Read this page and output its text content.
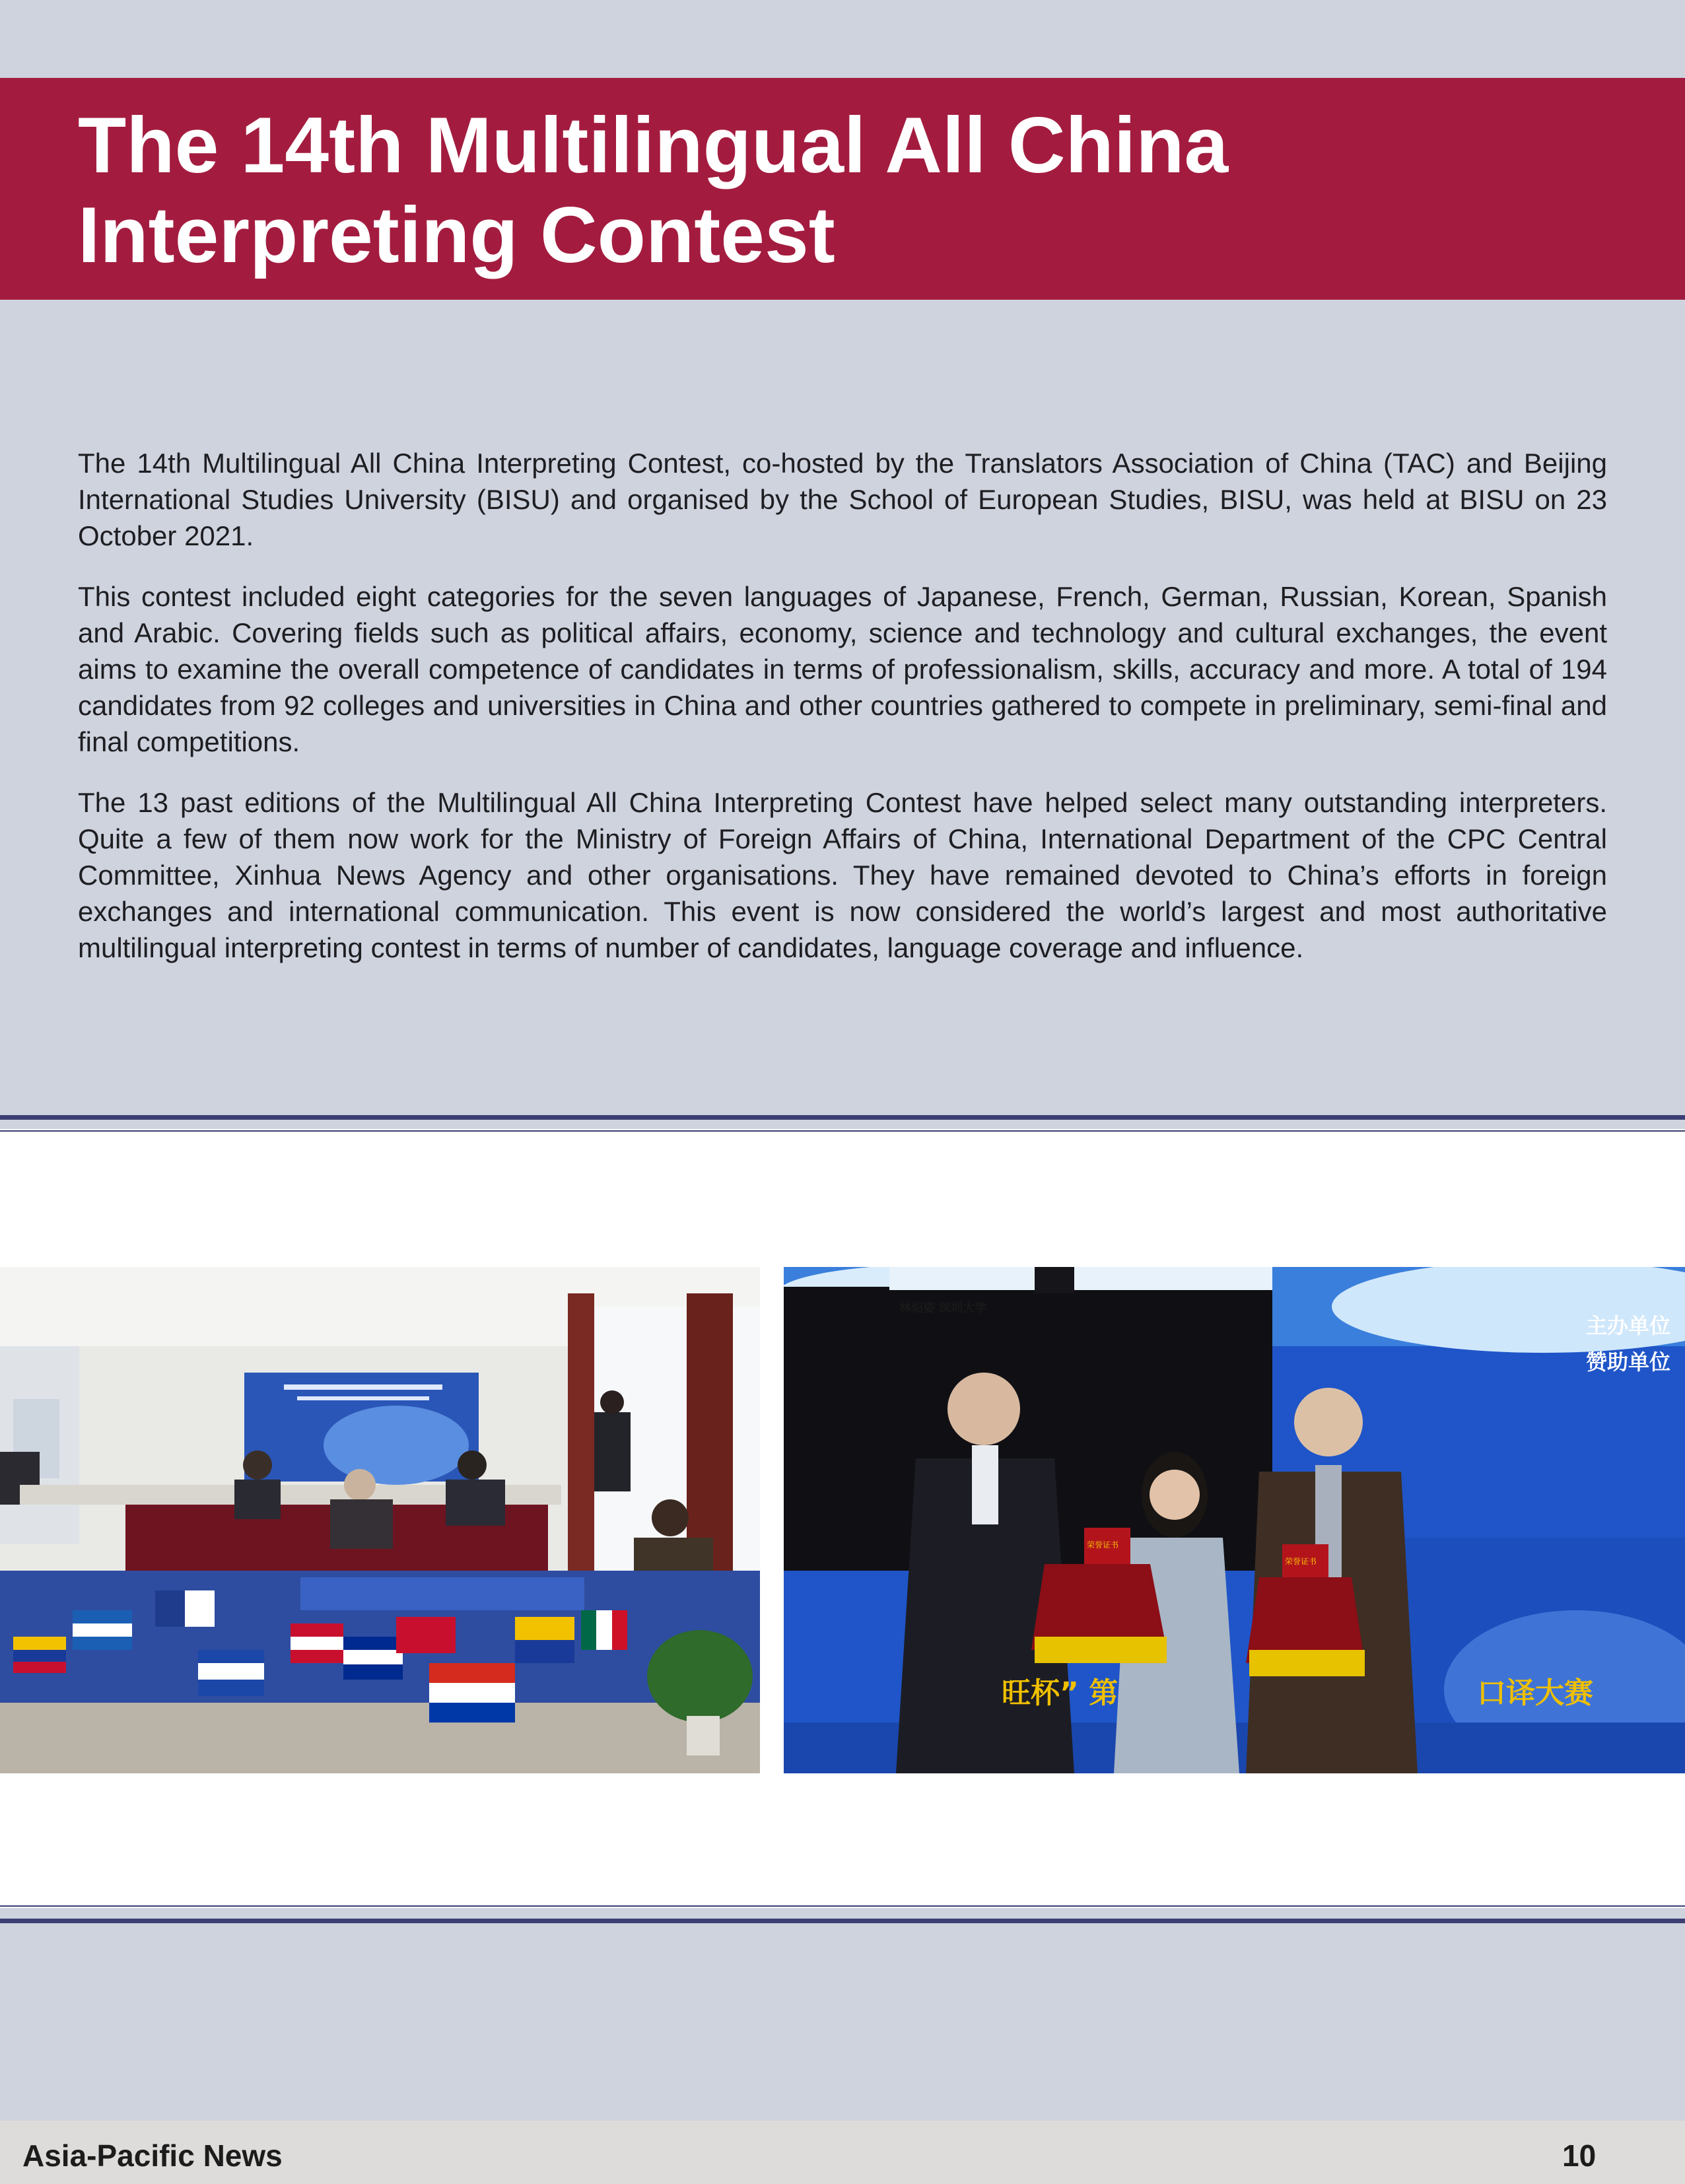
The 14th Multilingual All China
Interpreting Contest

The 14th Multilingual All China Interpreting Contest, co-hosted by the Translators Association of China (TAC) and Beijing International Studies University (BISU) and organised by the School of European Studies, BISU, was held at BISU on 23 October 2021.

This contest included eight categories for the seven languages of Japanese, French, German, Russian, Korean, Spanish and Arabic. Covering fields such as political affairs, economy, science and technology and cultural exchanges, the event aims to examine the overall competence of candidates in terms of professionalism, skills, accuracy and more. A total of 194 candidates from 92 colleges and universities in China and other countries gathered to compete in preliminary, semi-final and final competitions.

The 13 past editions of the Multilingual All China Interpreting Contest have helped select many outstanding interpreters. Quite a few of them now work for the Ministry of Foreign Affairs of China, International Department of the CPC Central Committee, Xinhua News Agency and other organisations. They have remained devoted to China’s efforts in foreign exchanges and international communication. This event is now considered the world’s largest and most authoritative multilingual interpreting contest in terms of number of candidates, language coverage and influence.

林炤姿 深圳大学
主办单位
赞助单位
旺杯” 第	口译大赛
荣誉证书
荣誉证书
Asia-Pacific News	10
